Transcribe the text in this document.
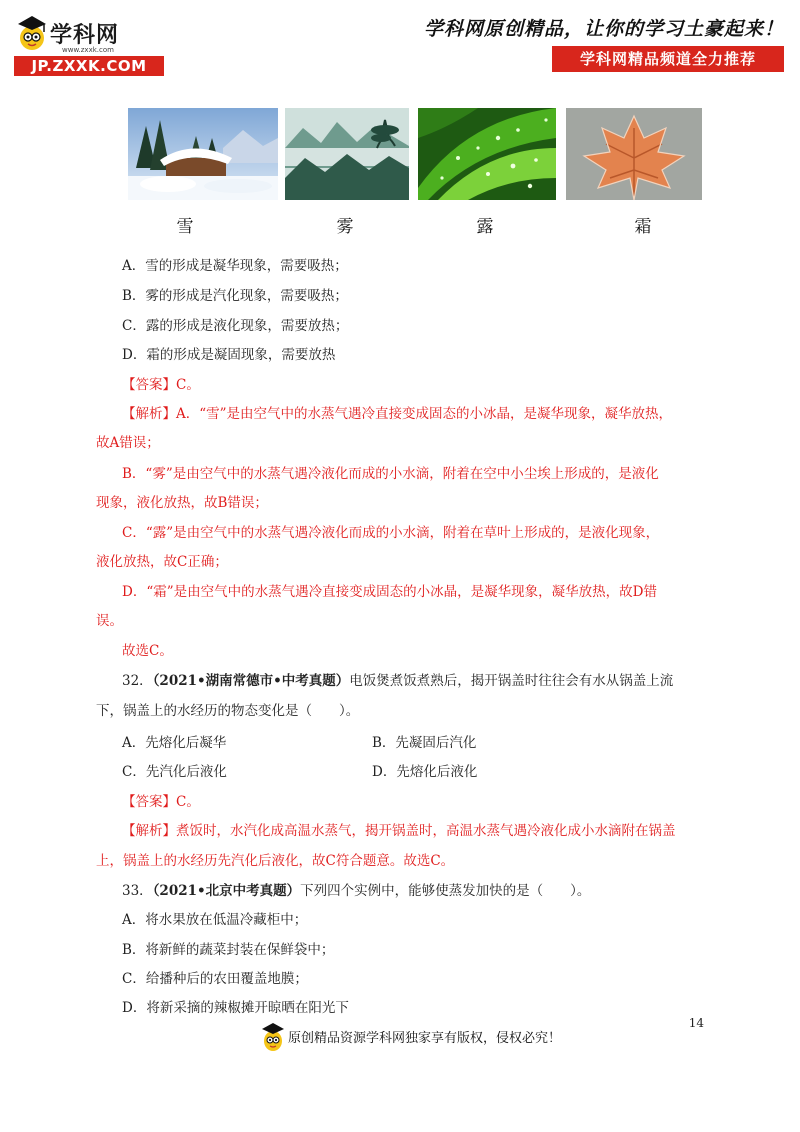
学科网
www.zxxk.com
JP.ZXXK.COM
学科网原创精品，让你的学习土豪起来！
学科网精品频道全力推荐
雪	雾	露	霜
A．雪的形成是凝华现象，需要吸热；
B．雾的形成是汽化现象，需要吸热；
C．露的形成是液化现象，需要放热；
D．霜的形成是凝固现象，需要放热
【答案】C。
【解析】A．“雪”是由空气中的水蒸气遇冷直接变成固态的小冰晶，是凝华现象，凝华放热，
故A错误；
B．“雾”是由空气中的水蒸气遇冷液化而成的小水滴，附着在空中小尘埃上形成的，是液化
现象，液化放热，故B错误；
C．“露”是由空气中的水蒸气遇冷液化而成的小水滴，附着在草叶上形成的，是液化现象，
液化放热，故C正确；
D．“霜”是由空气中的水蒸气遇冷直接变成固态的小冰晶，是凝华现象，凝华放热，故D错
误。
故选C。
32．（2021•湖南常德市•中考真题）电饭煲煮饭煮熟后，揭开锅盖时往往会有水从锅盖上流
下，锅盖上的水经历的物态变化是（　　）。
A．先熔化后凝华	B．先凝固后汽化
C．先汽化后液化	D．先熔化后液化
【答案】C。
【解析】煮饭时，水汽化成高温水蒸气，揭开锅盖时，高温水蒸气遇冷液化成小水滴附在锅盖
上，锅盖上的水经历先汽化后液化，故C符合题意。故选C。
33．（2021•北京中考真题）下列四个实例中，能够使蒸发加快的是（　　）。
A．将水果放在低温冷藏柜中；
B．将新鲜的蔬菜封装在保鲜袋中；
C．给播种后的农田覆盖地膜；
D．将新采摘的辣椒摊开晾晒在阳光下
14
原创精品资源学科网独家享有版权，侵权必究！
